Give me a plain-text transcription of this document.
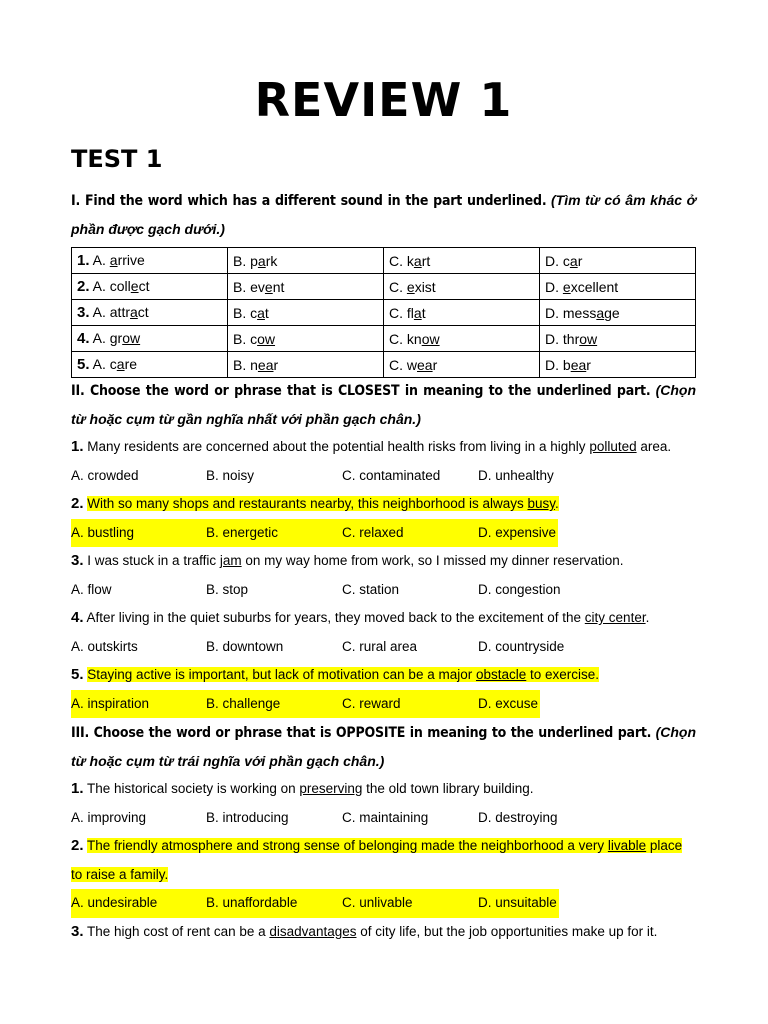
REVIEW 1
TEST 1

I. Find the word which has a different sound in the part underlined. (Tìm từ có âm khác ở phần được gạch dưới.)

1. A. arrive	B. park	C. kart	D. car
2. A. collect	B. event	C. exist	D. excellent
3. A. attract	B. cat	C. flat	D. message
4. A. grow	B. cow	C. know	D. throw
5. A. care	B. near	C. wear	D. bear

II. Choose the word or phrase that is CLOSEST in meaning to the underlined part. (Chọn từ hoặc cụm từ gần nghĩa nhất với phần gạch chân.)

1. Many residents are concerned about the potential health risks from living in a highly polluted area.

A. crowded	B. noisy	C. contaminated	D. unhealthy

2. With so many shops and restaurants nearby, this neighborhood is always busy.

A. bustling	B. energetic	C. relaxed	D. expensive

3. I was stuck in a traffic jam on my way home from work, so I missed my dinner reservation.

A. flow	B. stop	C. station	D. congestion

4. After living in the quiet suburbs for years, they moved back to the excitement of the city center.

A. outskirts	B. downtown	C. rural area	D. countryside

5. Staying active is important, but lack of motivation can be a major obstacle to exercise.

A. inspiration	B. challenge	C. reward	D. excuse

III. Choose the word or phrase that is OPPOSITE in meaning to the underlined part. (Chọn từ hoặc cụm từ trái nghĩa với phần gạch chân.)

1. The historical society is working on preserving the old town library building.

A. improving	B. introducing	C. maintaining	D. destroying

2. The friendly atmosphere and strong sense of belonging made the neighborhood a very livable place
to raise a family.

A. undesirable	B. unaffordable	C. unlivable	D. unsuitable

3. The high cost of rent can be a disadvantages of city life, but the job opportunities make up for it.
